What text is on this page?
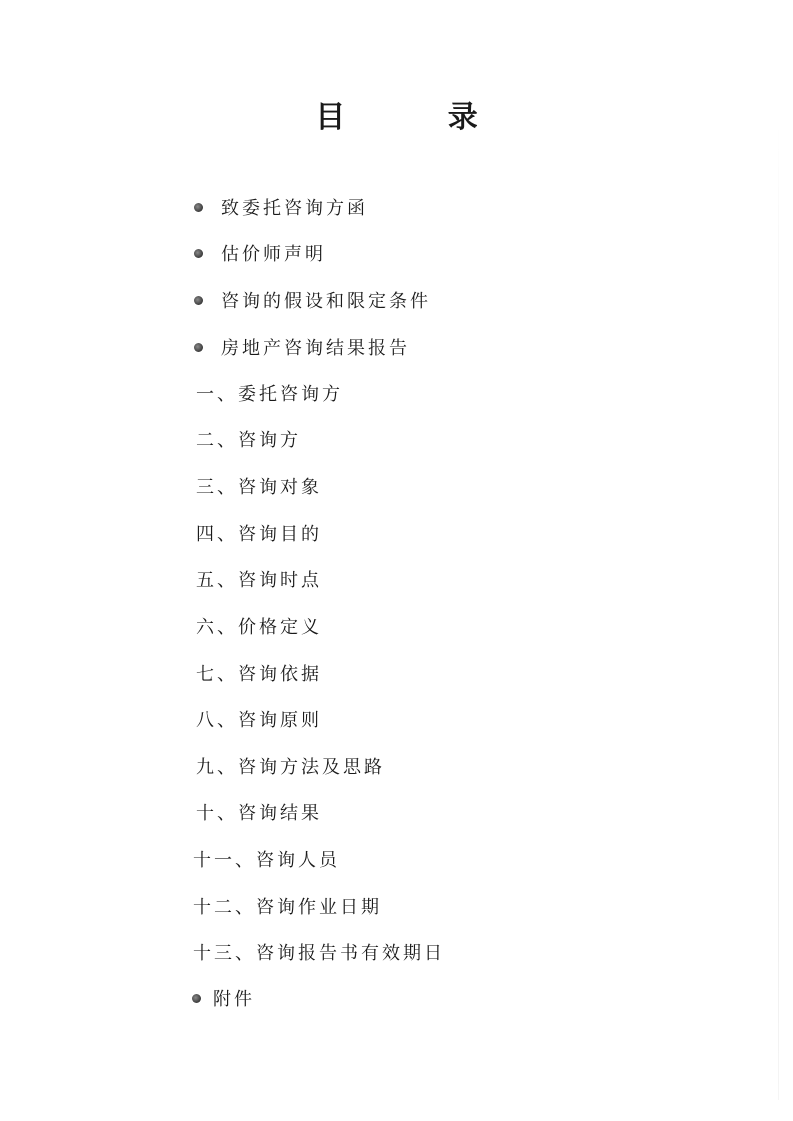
目 录
致委托咨询方函
估价师声明
咨询的假设和限定条件
房地产咨询结果报告
一、委托咨询方
二、咨询方
三、咨询对象
四、咨询目的
五、咨询时点
六、价格定义
七、咨询依据
八、咨询原则
九、咨询方法及思路
十、咨询结果
十一、咨询人员
十二、咨询作业日期
十三、咨询报告书有效期日
附件
